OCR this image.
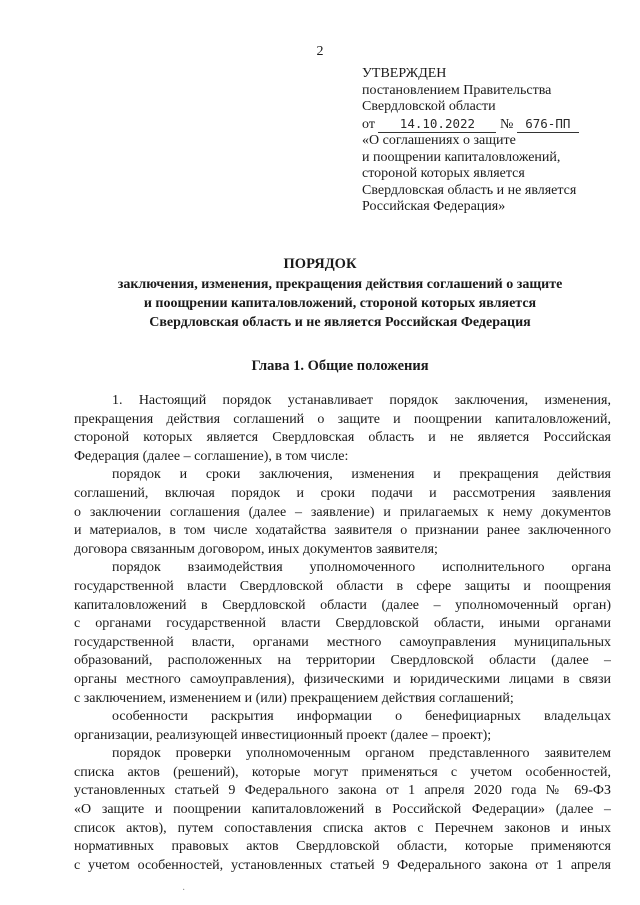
2
УТВЕРЖДЕН
постановлением Правительства
Свердловской области
от 14.10.2022 № 676-ПП
«О соглашениях о защите
и поощрении капиталовложений,
стороной которых является
Свердловская область и не является
Российская Федерация»
ПОРЯДОК
заключения, изменения, прекращения действия соглашений о защите
и поощрении капиталовложений, стороной которых является
Свердловская область и не является Российская Федерация
Глава 1. Общие положения
1. Настоящий порядок устанавливает порядок заключения, изменения,
прекращения действия соглашений о защите и поощрении капиталовложений,
стороной которых является Свердловская область и не является Российская
Федерация (далее – соглашение), в том числе:
порядок и сроки заключения, изменения и прекращения действия
соглашений, включая порядок и сроки подачи и рассмотрения заявления
о заключении соглашения (далее – заявление) и прилагаемых к нему документов
и материалов, в том числе ходатайства заявителя о признании ранее заключенного
договора связанным договором, иных документов заявителя;
порядок взаимодействия уполномоченного исполнительного органа
государственной власти Свердловской области в сфере защиты и поощрения
капиталовложений в Свердловской области (далее – уполномоченный орган)
с органами государственной власти Свердловской области, иными органами
государственной власти, органами местного самоуправления муниципальных
образований, расположенных на территории Свердловской области (далее –
органы местного самоуправления), физическими и юридическими лицами в связи
с заключением, изменением и (или) прекращением действия соглашений;
особенности раскрытия информации о бенефициарных владельцах
организации, реализующей инвестиционный проект (далее – проект);
порядок проверки уполномоченным органом представленного заявителем
списка актов (решений), которые могут применяться с учетом особенностей,
установленных статьей 9 Федерального закона от 1 апреля 2020 года № 69-ФЗ
«О защите и поощрении капиталовложений в Российской Федерации» (далее –
список актов), путем сопоставления списка актов с Перечнем законов и иных
нормативных правовых актов Свердловской области, которые применяются
с учетом особенностей, установленных статьей 9 Федерального закона от 1 апреля
·
